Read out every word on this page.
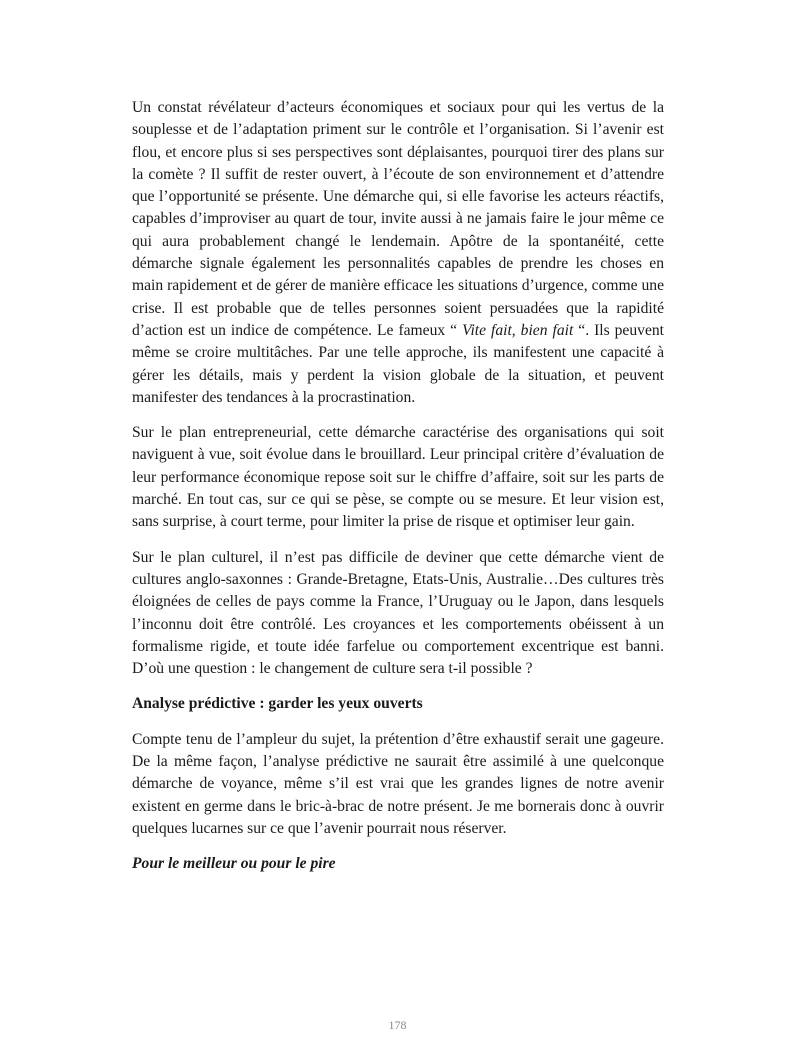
Un constat révélateur d’acteurs économiques et sociaux pour qui les vertus de la souplesse et de l’adaptation priment sur le contrôle et l’organisation. Si l’avenir est flou, et encore plus si ses perspectives sont déplaisantes, pourquoi tirer des plans sur la comète ? Il suffit de rester ouvert, à l’écoute de son environnement et d’attendre que l’opportunité se présente. Une démarche qui, si elle favorise les acteurs réactifs, capables d’improviser au quart de tour, invite aussi à ne jamais faire le jour même ce qui aura probablement changé le lendemain. Apôtre de la spontanéité, cette démarche signale également les personnalités capables de prendre les choses en main rapidement et de gérer de manière efficace les situations d’urgence, comme une crise. Il est probable que de telles personnes soient persuadées que la rapidité d’action est un indice de compétence. Le fameux “ Vite fait, bien fait “. Ils peuvent même se croire multitâches. Par une telle approche, ils manifestent une capacité à gérer les détails, mais y perdent la vision globale de la situation, et peuvent manifester des tendances à la procrastination.

Sur le plan entrepreneurial, cette démarche caractérise des organisations qui soit naviguent à vue, soit évolue dans le brouillard. Leur principal critère d’évaluation de leur performance économique repose soit sur le chiffre d’affaire, soit sur les parts de marché. En tout cas, sur ce qui se pèse, se compte ou se mesure. Et leur vision est, sans surprise, à court terme, pour limiter la prise de risque et optimiser leur gain.

Sur le plan culturel, il n’est pas difficile de deviner que cette démarche vient de cultures anglo-saxonnes : Grande-Bretagne, Etats-Unis, Australie…Des cultures très éloignées de celles de pays comme la France, l’Uruguay ou le Japon, dans lesquels l’inconnu doit être contrôlé. Les croyances et les comportements obéissent à un formalisme rigide, et toute idée farfelue ou comportement excentrique est banni. D’où une question : le changement de culture sera t-il possible ?

Analyse prédictive : garder les yeux ouverts

Compte tenu de l’ampleur du sujet, la prétention d’être exhaustif serait une gageure. De la même façon, l’analyse prédictive ne saurait être assimilé à une quelconque démarche de voyance, même s’il est vrai que les grandes lignes de notre avenir existent en germe dans le bric-à-brac de notre présent. Je me bornerais donc à ouvrir quelques lucarnes sur ce que l’avenir pourrait nous réserver.

Pour le meilleur ou pour le pire

178
